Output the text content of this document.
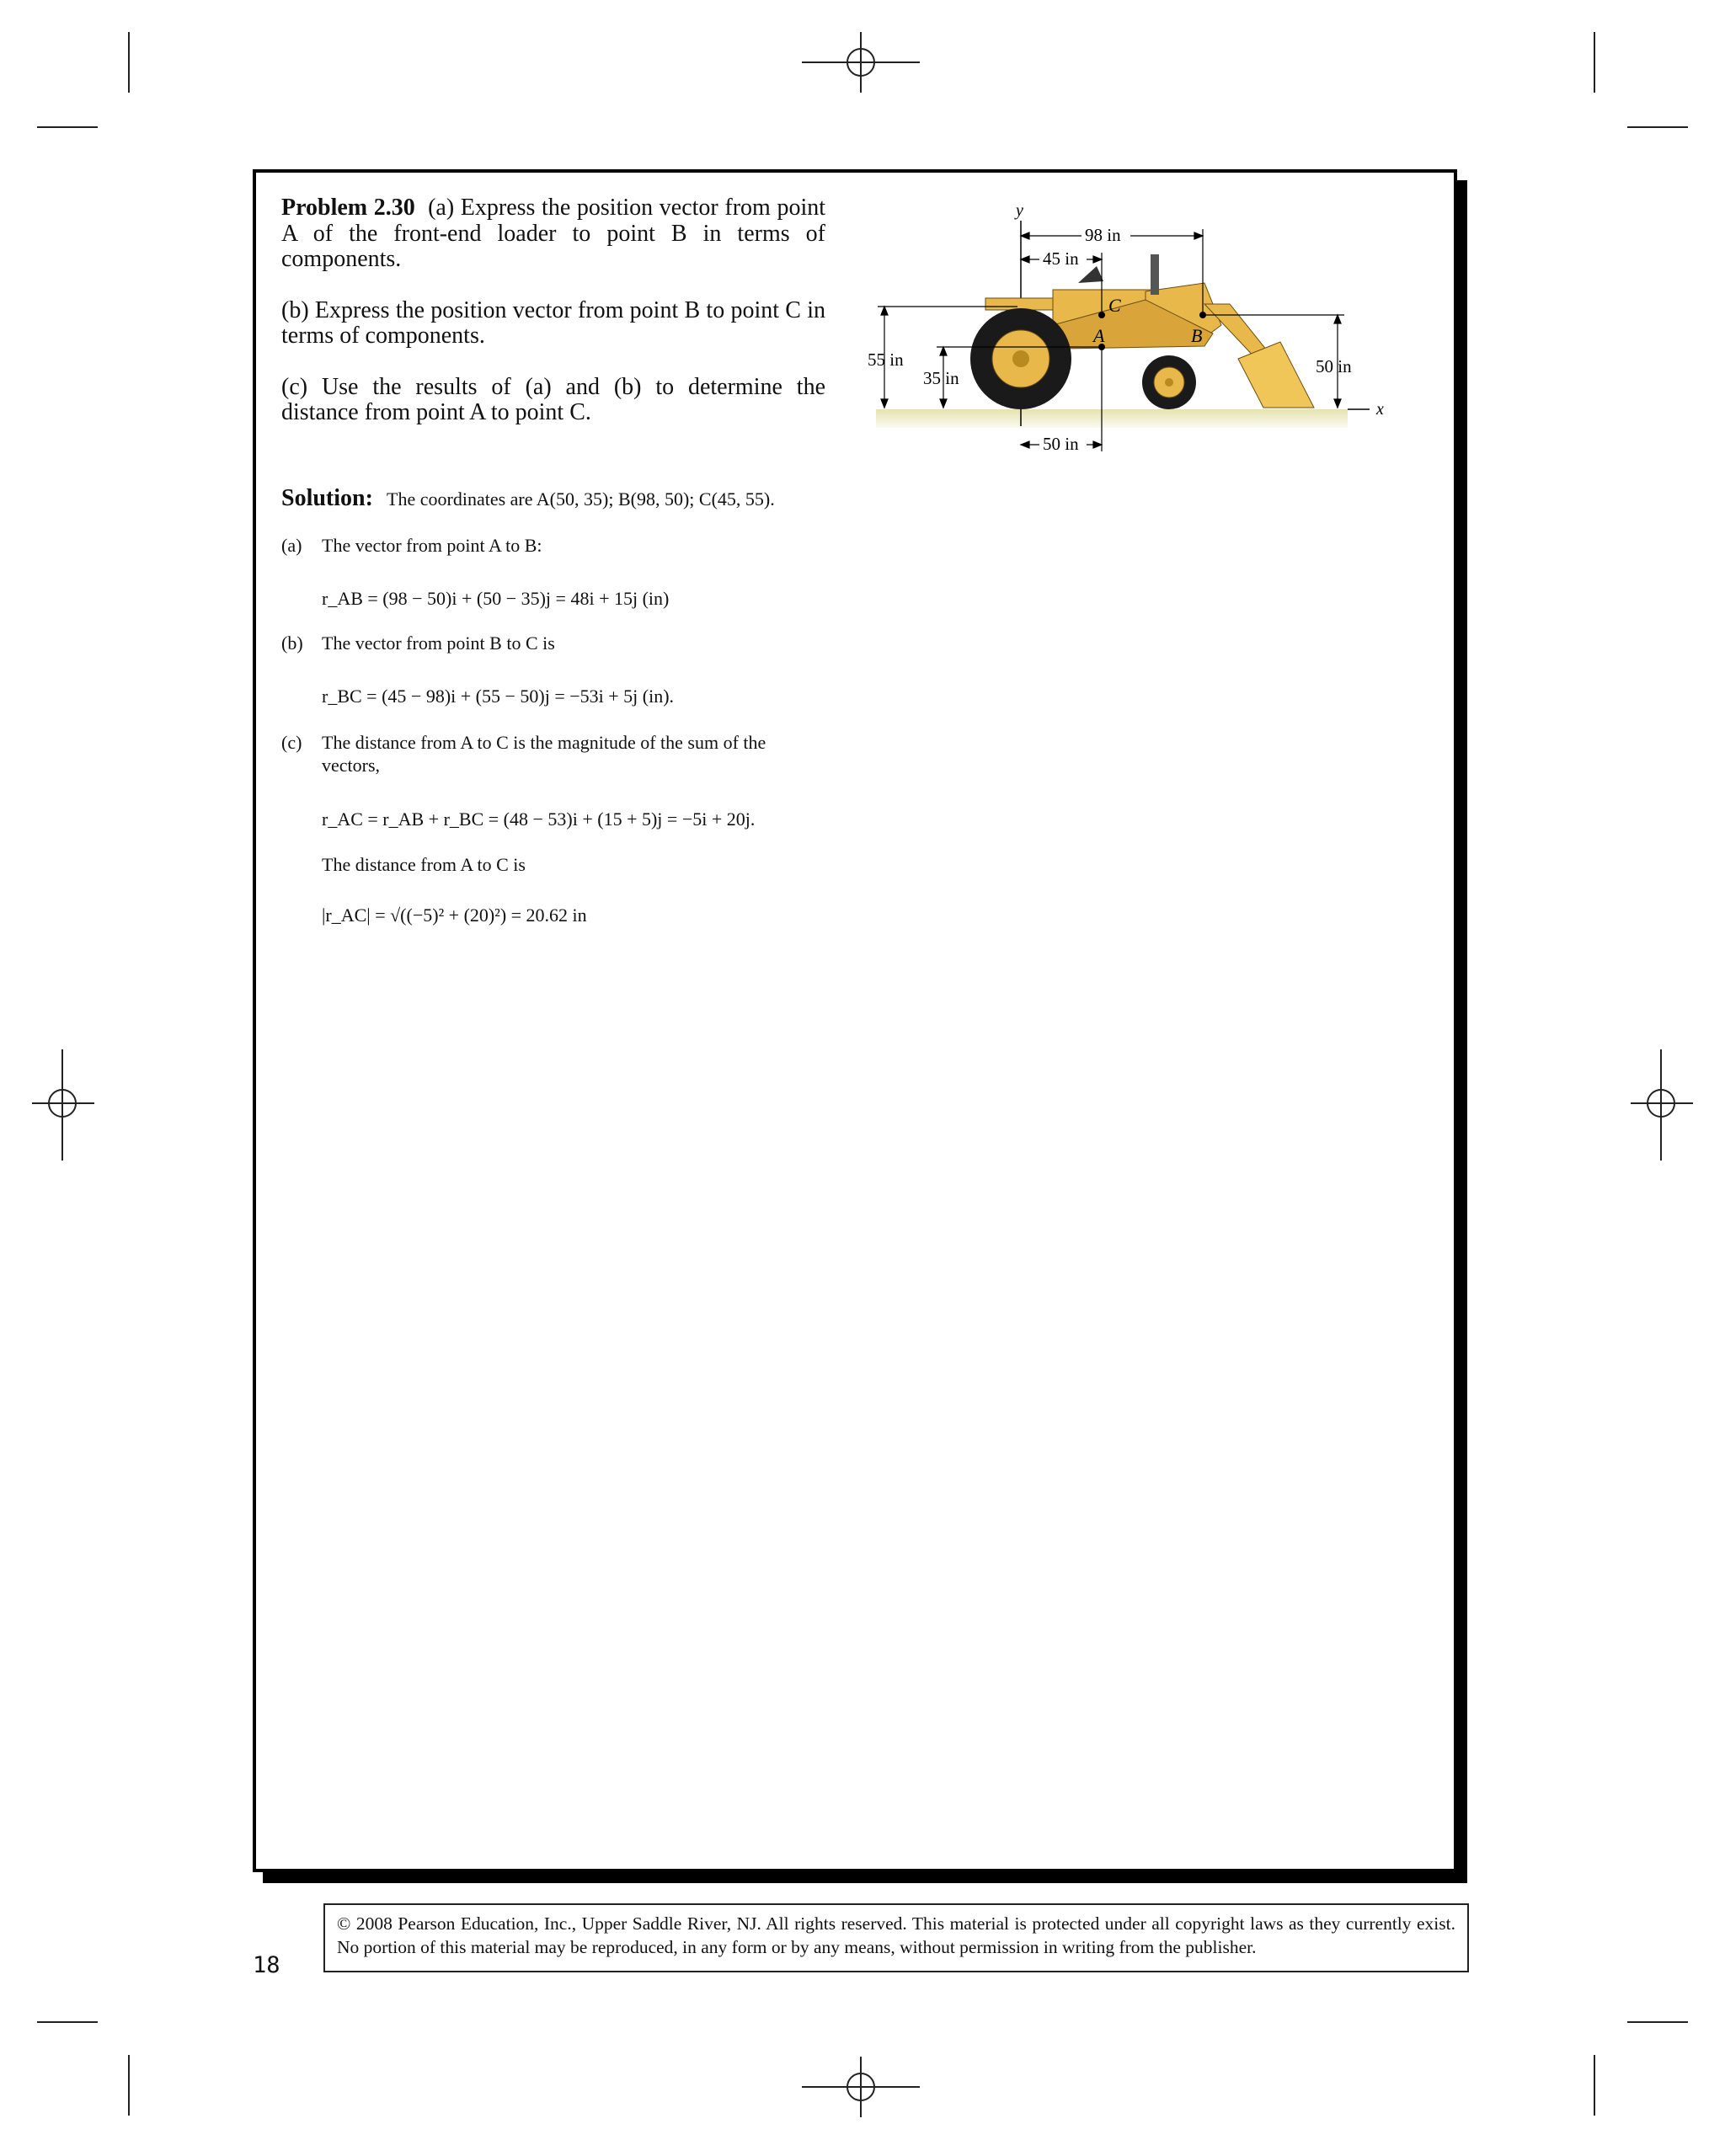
Problem 2.30 (a) Express the position vector from point A of the front-end loader to point B in terms of components.

(b) Express the position vector from point B to point C in terms of components.

(c) Use the results of (a) and (b) to determine the distance from point A to point C.

y
x
A
C
B
98 in
45 in
55 in
35 in
50 in
50 in
Solution: The coordinates are A(50, 35); B(98, 50); C(45, 55).
(a) The vector from point A to B:
r_AB = (98 − 50)i + (50 − 35)j = 48i + 15j (in)
(b) The vector from point B to C is
r_BC = (45 − 98)i + (55 − 50)j = −53i + 5j (in).
(c) The distance from A to C is the magnitude of the sum of the
vectors,
r_AC = r_AB + r_BC = (48 − 53)i + (15 + 5)j = −5i + 20j.
The distance from A to C is
|r_AC| = √((−5)² + (20)²) = 20.62 in
© 2008 Pearson Education, Inc., Upper Saddle River, NJ. All rights reserved. This material is protected under all copyright laws as they currently exist. No portion of this material may be reproduced, in any form or by any means, without permission in writing from the publisher.
18
